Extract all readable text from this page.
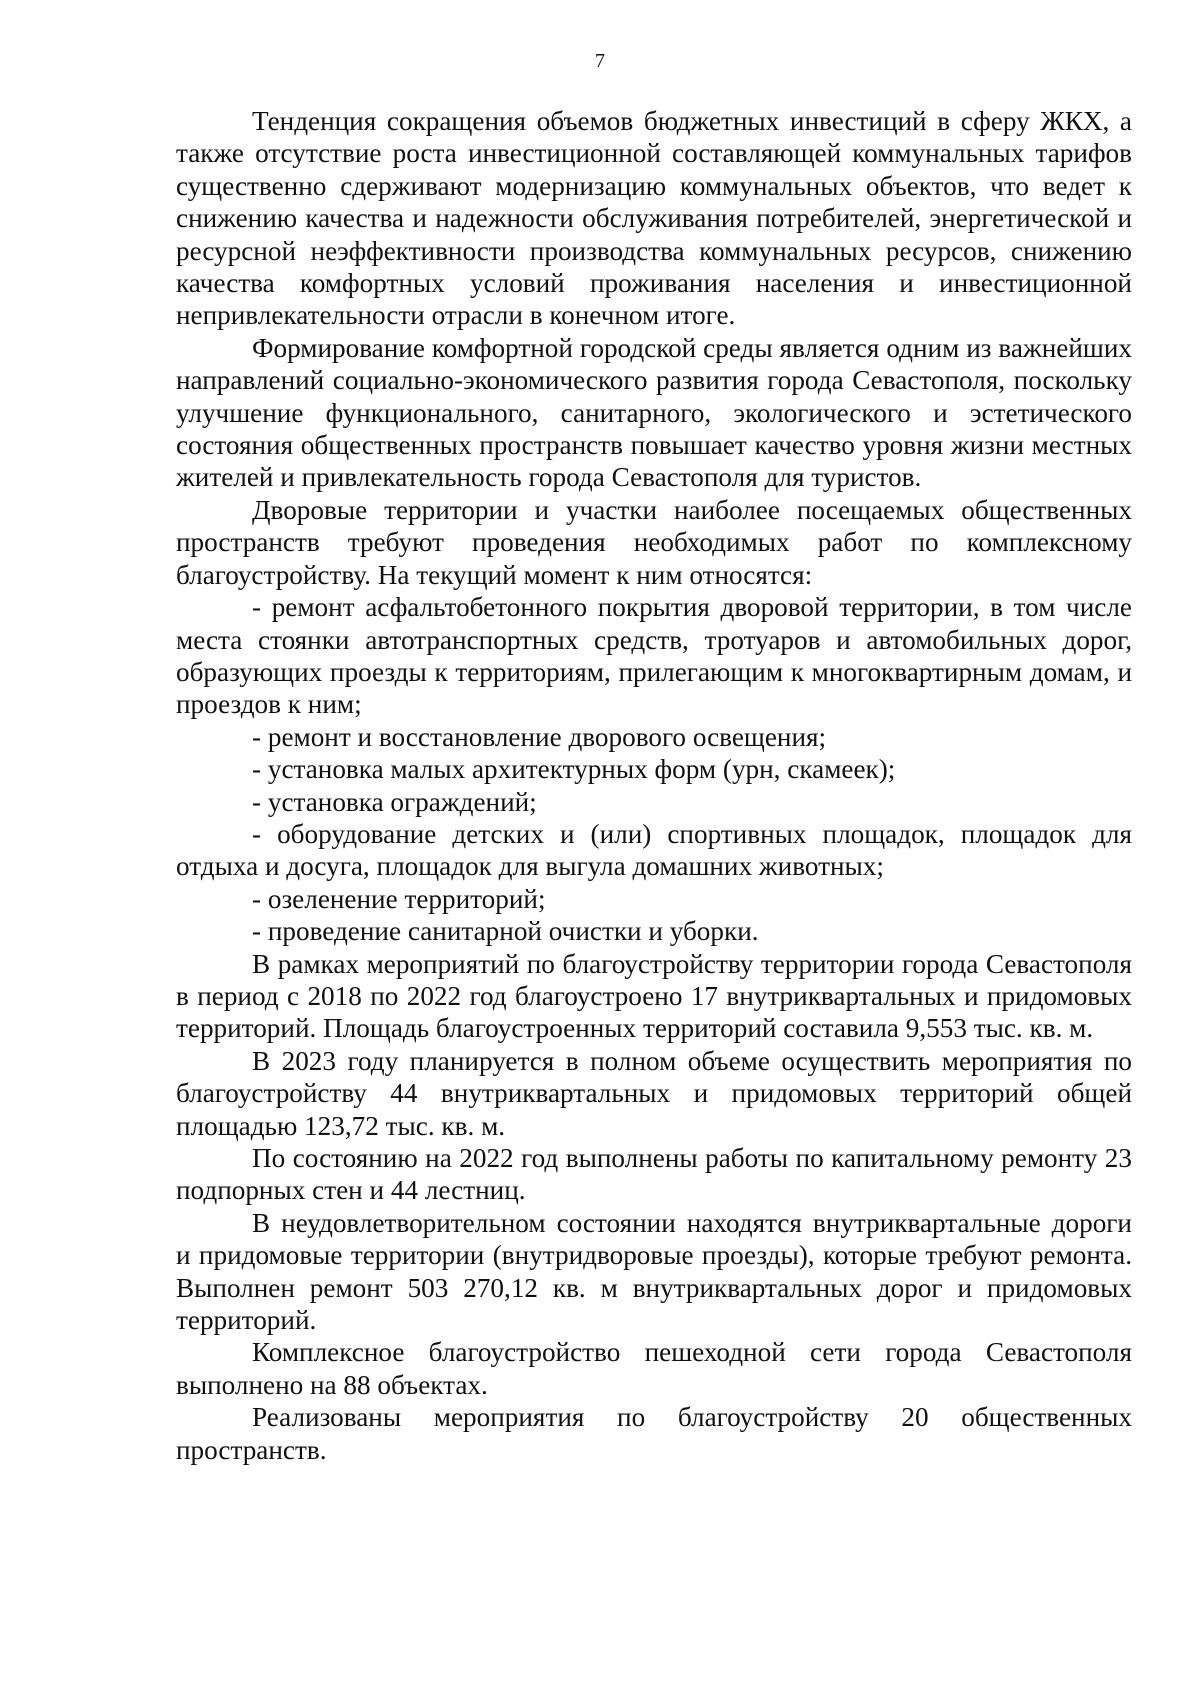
7

Тенденция сокращения объемов бюджетных инвестиций в сферу ЖКХ, а также отсутствие роста инвестиционной составляющей коммунальных тарифов существенно сдерживают модернизацию коммунальных объектов, что ведет к снижению качества и надежности обслуживания потребителей, энергетической и ресурсной неэффективности производства коммунальных ресурсов, снижению качества комфортных условий проживания населения и инвестиционной непривлекательности отрасли в конечном итоге.

Формирование комфортной городской среды является одним из важнейших направлений социально-экономического развития города Севастополя, поскольку улучшение функционального, санитарного, экологического и эстетического состояния общественных пространств повышает качество уровня жизни местных жителей и привлекательность города Севастополя для туристов.

Дворовые территории и участки наиболее посещаемых общественных пространств требуют проведения необходимых работ по комплексному благоустройству. На текущий момент к ним относятся:

- ремонт асфальтобетонного покрытия дворовой территории, в том числе места стоянки автотранспортных средств, тротуаров и автомобильных дорог, образующих проезды к территориям, прилегающим к многоквартирным домам, и проездов к ним;

- ремонт и восстановление дворового освещения;

- установка малых архитектурных форм (урн, скамеек);

- установка ограждений;

- оборудование детских и (или) спортивных площадок, площадок для отдыха и досуга, площадок для выгула домашних животных;

- озеленение территорий;

- проведение санитарной очистки и уборки.

В рамках мероприятий по благоустройству территории города Севастополя в период с 2018 по 2022 год благоустроено 17 внутриквартальных и придомовых территорий. Площадь благоустроенных территорий составила 9,553 тыс. кв. м.

В 2023 году планируется в полном объеме осуществить мероприятия по благоустройству 44 внутриквартальных и придомовых территорий общей площадью 123,72 тыс. кв. м.

По состоянию на 2022 год выполнены работы по капитальному ремонту 23 подпорных стен и 44 лестниц.

В неудовлетворительном состоянии находятся внутриквартальные дороги и придомовые территории (внутридворовые проезды), которые требуют ремонта. Выполнен ремонт 503 270,12 кв. м внутриквартальных дорог и придомовых территорий.

Комплексное благоустройство пешеходной сети города Севастополя выполнено на 88 объектах.

Реализованы мероприятия по благоустройству 20 общественных пространств.
